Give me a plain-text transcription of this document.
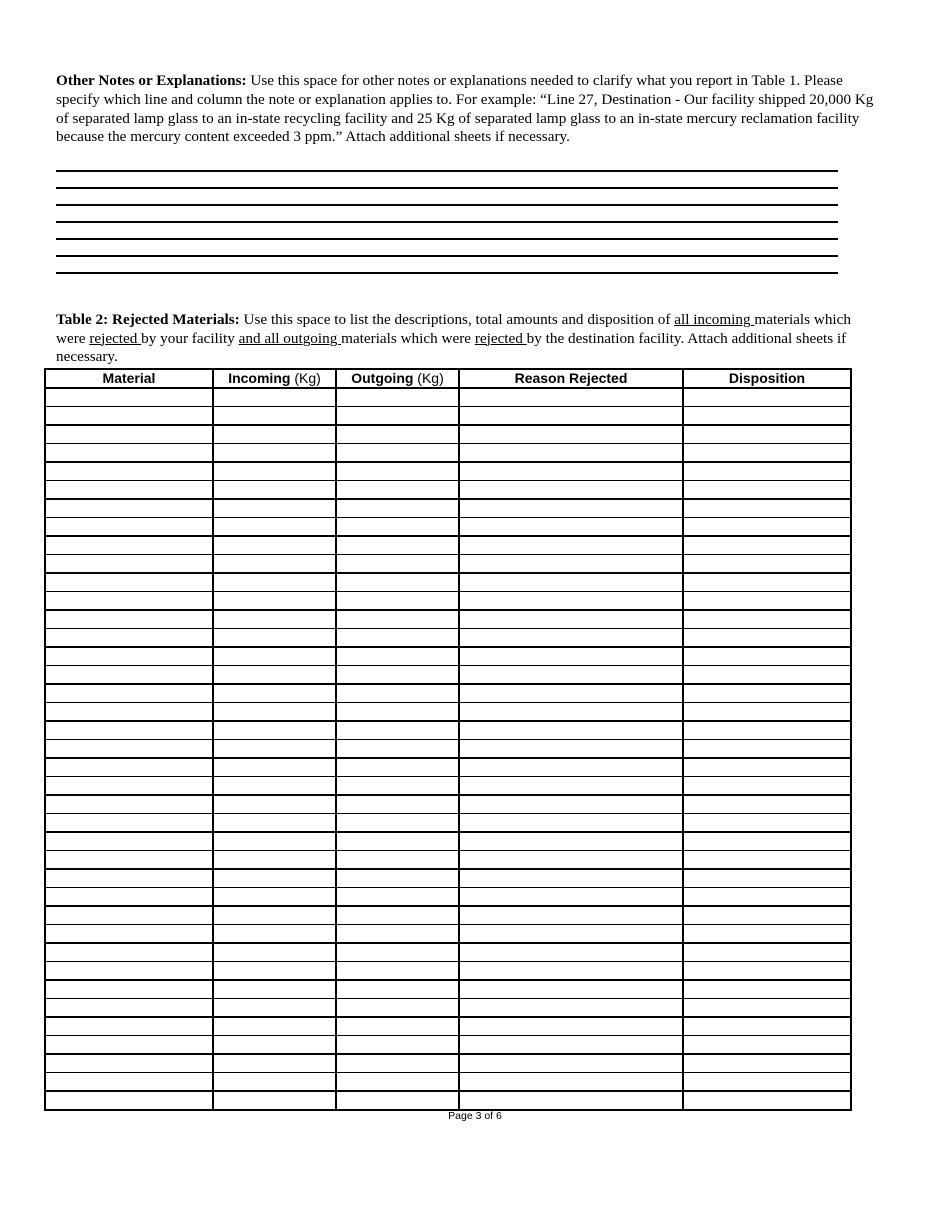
Other Notes or Explanations: Use this space for other notes or explanations needed to clarify what you report in Table 1. Please specify which line and column the note or explanation applies to. For example: “Line 27, Destination - Our facility shipped 20,000 Kg of separated lamp glass to an in-state recycling facility and 25 Kg of separated lamp glass to an in-state mercury reclamation facility because the mercury content exceeded 3 ppm.” Attach additional sheets if necessary.
Table 2: Rejected Materials: Use this space to list the descriptions, total amounts and disposition of all incoming materials which were rejected by your facility and all outgoing materials which were rejected by the destination facility. Attach additional sheets if necessary.
Material	Incoming (Kg)	Outgoing (Kg)	Reason Rejected	Disposition

Page 3 of 6
